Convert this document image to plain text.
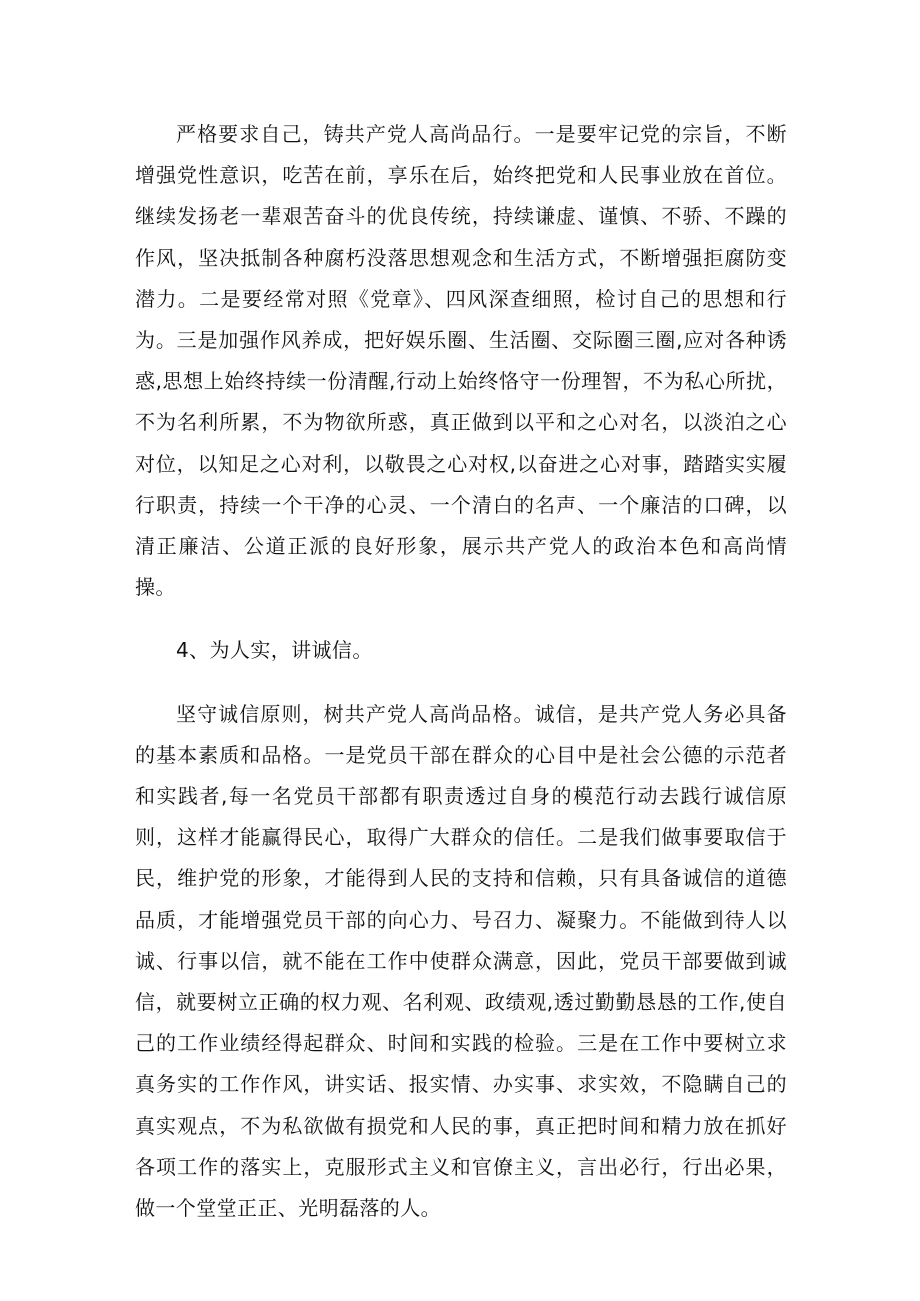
严格要求自己，铸共产党人高尚品行。一是要牢记党的宗旨，不断增强党性意识，吃苦在前，享乐在后，始终把党和人民事业放在首位。继续发扬老一辈艰苦奋斗的优良传统，持续谦虚、谨慎、不骄、不躁的作风，坚决抵制各种腐朽没落思想观念和生活方式，不断增强拒腐防变潜力。二是要经常对照《党章》、四风深查细照，检讨自己的思想和行为。三是加强作风养成，把好娱乐圈、生活圈、交际圈三圈,应对各种诱惑,思想上始终持续一份清醒,行动上始终恪守一份理智，不为私心所扰，不为名利所累，不为物欲所惑，真正做到以平和之心对名，以淡泊之心对位，以知足之心对利，以敬畏之心对权,以奋进之心对事，踏踏实实履行职责，持续一个干净的心灵、一个清白的名声、一个廉洁的口碑，以清正廉洁、公道正派的良好形象，展示共产党人的政治本色和高尚情操。

4、为人实，讲诚信。

坚守诚信原则，树共产党人高尚品格。诚信，是共产党人务必具备的基本素质和品格。一是党员干部在群众的心目中是社会公德的示范者和实践者,每一名党员干部都有职责透过自身的模范行动去践行诚信原则，这样才能赢得民心，取得广大群众的信任。二是我们做事要取信于民，维护党的形象，才能得到人民的支持和信赖，只有具备诚信的道德品质，才能增强党员干部的向心力、号召力、凝聚力。不能做到待人以诚、行事以信，就不能在工作中使群众满意，因此，党员干部要做到诚信，就要树立正确的权力观、名利观、政绩观,透过勤勤恳恳的工作,使自己的工作业绩经得起群众、时间和实践的检验。三是在工作中要树立求真务实的工作作风，讲实话、报实情、办实事、求实效，不隐瞒自己的真实观点，不为私欲做有损党和人民的事，真正把时间和精力放在抓好各项工作的落实上，克服形式主义和官僚主义，言出必行，行出必果，做一个堂堂正正、光明磊落的人。
